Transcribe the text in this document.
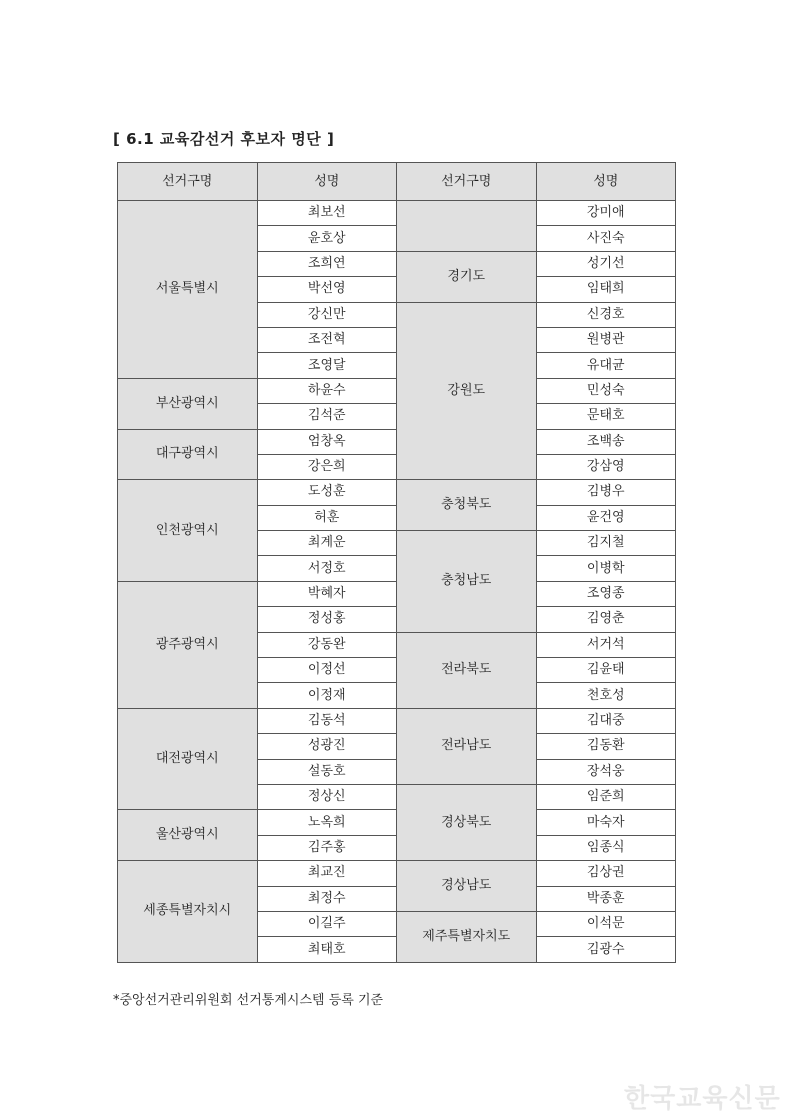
[ 6.1 교육감선거 후보자 명단 ]
선거구명	성명	선거구명	성명
서울특별시	최보선		강미애
	윤호상		사진숙
	조희연	경기도	성기선
	박선영		임태희
	강신만	강원도	신경호
	조전혁		원병관
	조영달		유대균
부산광역시	하윤수		민성숙
	김석준		문태호
대구광역시	엄창옥		조백송
	강은희		강삼영
인천광역시	도성훈	충청북도	김병우
	허훈		윤건영
	최계운	충청남도	김지철
	서정호		이병학
광주광역시	박혜자		조영종
	정성홍		김영춘
	강동완	전라북도	서거석
	이정선		김윤태
	이정재		천호성
대전광역시	김동석	전라남도	김대중
	성광진		김동환
	설동호		장석웅
	정상신	경상북도	임준희
울산광역시	노옥희		마숙자
	김주홍		임종식
세종특별자치시	최교진	경상남도	김상권
	최정수		박종훈
	이길주	제주특별자치도	이석문
	최태호		김광수
*중앙선거관리위원회 선거통계시스템 등록 기준
한국교육신문
